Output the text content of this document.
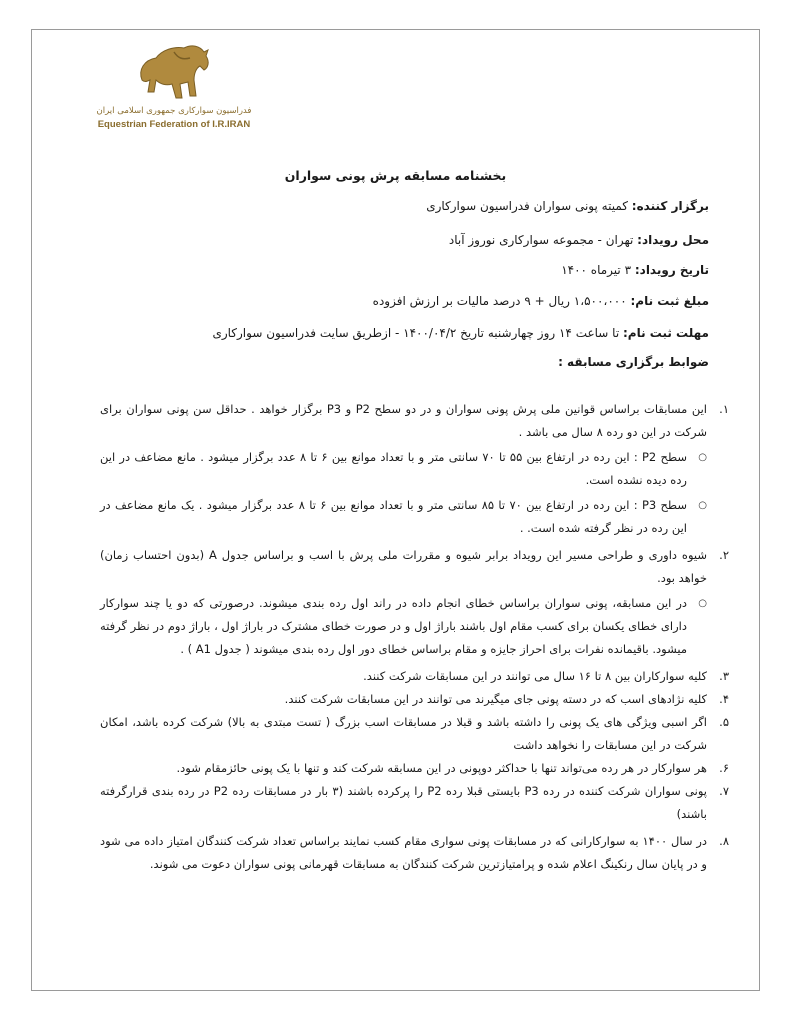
فدراسیون سوارکاری جمهوری اسلامی ایران
Equestrian Federation of I.R.IRAN
بخشنامه مسابقه پرش پونی سواران
برگزار کننده: کمیته پونی سواران فدراسیون سوارکاری
محل رویداد: تهران - مجموعه سوارکاری نوروز آباد
تاریخ رویداد: ۳ تیرماه ۱۴۰۰
مبلغ ثبت نام: ۱،۵۰۰،۰۰۰ ریال + ۹ درصد مالیات بر ارزش افزوده
مهلت ثبت نام: تا ساعت ۱۴ روز چهارشنبه تاریخ ۱۴۰۰/۰۴/۲ - ازطریق سایت فدراسیون سوارکاری
ضوابط برگزاری مسابقه :
۱.
این مسابقات براساس قوانین ملی پرش پونی سواران و در دو سطح P2 و P3 برگزار خواهد . حداقل سن پونی سواران برای شرکت در این دو رده ۸ سال می باشد .
○
سطح P2 : این رده در ارتفاع بین ۵۵ تا ۷۰ سانتی متر و با تعداد موانع بین ۶ تا ۸ عدد برگزار میشود . مانع مضاعف در این رده دیده نشده است.
○
سطح P3 : این رده در ارتفاع بین ۷۰ تا ۸۵ سانتی متر و با تعداد موانع بین ۶ تا ۸ عدد برگزار میشود . یک مانع مضاعف در این رده در نظر گرفته شده است. .
۲.
شیوه داوری و طراحی مسیر این رویداد برابر شیوه و مقررات ملی پرش با اسب و براساس جدول A (بدون احتساب زمان) خواهد بود.
○
در این مسابقه، پونی سواران براساس خطای انجام داده در راند اول رده بندی میشوند. درصورتی که دو یا چند سوارکار دارای خطای یکسان برای کسب مقام اول باشند باراژ اول و در صورت خطای مشترک در باراژ اول ، باراژ دوم در نظر گرفته میشود. باقیمانده نفرات برای احراز جایزه و مقام براساس خطای دور اول رده بندی میشوند ( جدول A1 ) .
۳.
کلیه سوارکاران بین ۸ تا ۱۶ سال می توانند در این مسابقات شرکت کنند.
۴.
کلیه نژادهای اسب که در دسته پونی جای میگیرند می توانند در این مسابقات شرکت کنند.
۵.
اگر اسبی ویژگی های یک پونی را داشته باشد و قبلا در مسابقات اسب بزرگ ( تست مبتدی به بالا) شرکت کرده باشد، امکان شرکت در این مسابقات را نخواهد داشت
۶.
هر سوارکار در هر رده می‌تواند تنها با حداکثر دوپونی در این مسابقه شرکت کند و تنها با یک پونی حائزمقام شود.
۷.
پونی سواران شرکت کننده در رده P3 بایستی قبلا رده P2 را پرکرده باشند (۳ بار در مسابقات رده P2 در رده بندی قرارگرفته باشند)
۸.
در سال ۱۴۰۰ به سوارکارانی که در مسابقات پونی سواری مقام کسب نمایند براساس تعداد شرکت کنندگان امتیاز داده می شود و در پایان سال رنکینگ اعلام شده و پرامتیازترین شرکت کنندگان به مسابقات قهرمانی پونی سواران دعوت می شوند.
